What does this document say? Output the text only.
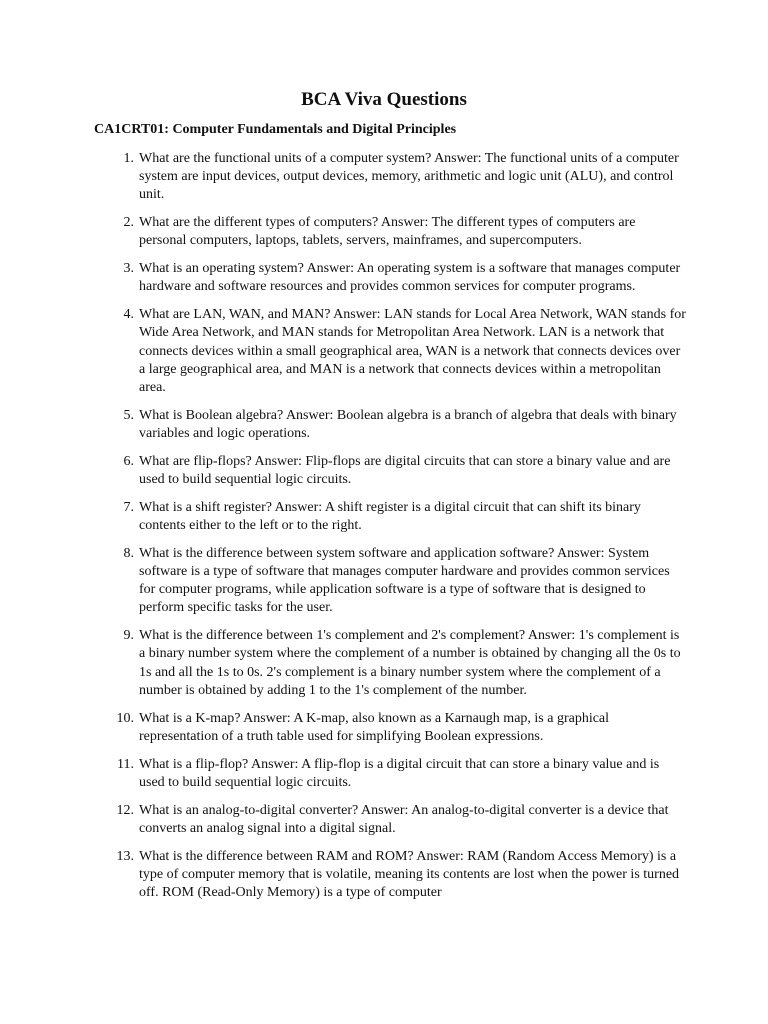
BCA Viva Questions
CA1CRT01: Computer Fundamentals and Digital Principles
1. What are the functional units of a computer system? Answer: The functional units of a computer system are input devices, output devices, memory, arithmetic and logic unit (ALU), and control unit.
2. What are the different types of computers? Answer: The different types of computers are personal computers, laptops, tablets, servers, mainframes, and supercomputers.
3. What is an operating system? Answer: An operating system is a software that manages computer hardware and software resources and provides common services for computer programs.
4. What are LAN, WAN, and MAN? Answer: LAN stands for Local Area Network, WAN stands for Wide Area Network, and MAN stands for Metropolitan Area Network. LAN is a network that connects devices within a small geographical area, WAN is a network that connects devices over a large geographical area, and MAN is a network that connects devices within a metropolitan area.
5. What is Boolean algebra? Answer: Boolean algebra is a branch of algebra that deals with binary variables and logic operations.
6. What are flip-flops? Answer: Flip-flops are digital circuits that can store a binary value and are used to build sequential logic circuits.
7. What is a shift register? Answer: A shift register is a digital circuit that can shift its binary contents either to the left or to the right.
8. What is the difference between system software and application software? Answer: System software is a type of software that manages computer hardware and provides common services for computer programs, while application software is a type of software that is designed to perform specific tasks for the user.
9. What is the difference between 1's complement and 2's complement? Answer: 1's complement is a binary number system where the complement of a number is obtained by changing all the 0s to 1s and all the 1s to 0s. 2's complement is a binary number system where the complement of a number is obtained by adding 1 to the 1's complement of the number.
10. What is a K-map? Answer: A K-map, also known as a Karnaugh map, is a graphical representation of a truth table used for simplifying Boolean expressions.
11. What is a flip-flop? Answer: A flip-flop is a digital circuit that can store a binary value and is used to build sequential logic circuits.
12. What is an analog-to-digital converter? Answer: An analog-to-digital converter is a device that converts an analog signal into a digital signal.
13. What is the difference between RAM and ROM? Answer: RAM (Random Access Memory) is a type of computer memory that is volatile, meaning its contents are lost when the power is turned off. ROM (Read-Only Memory) is a type of computer
